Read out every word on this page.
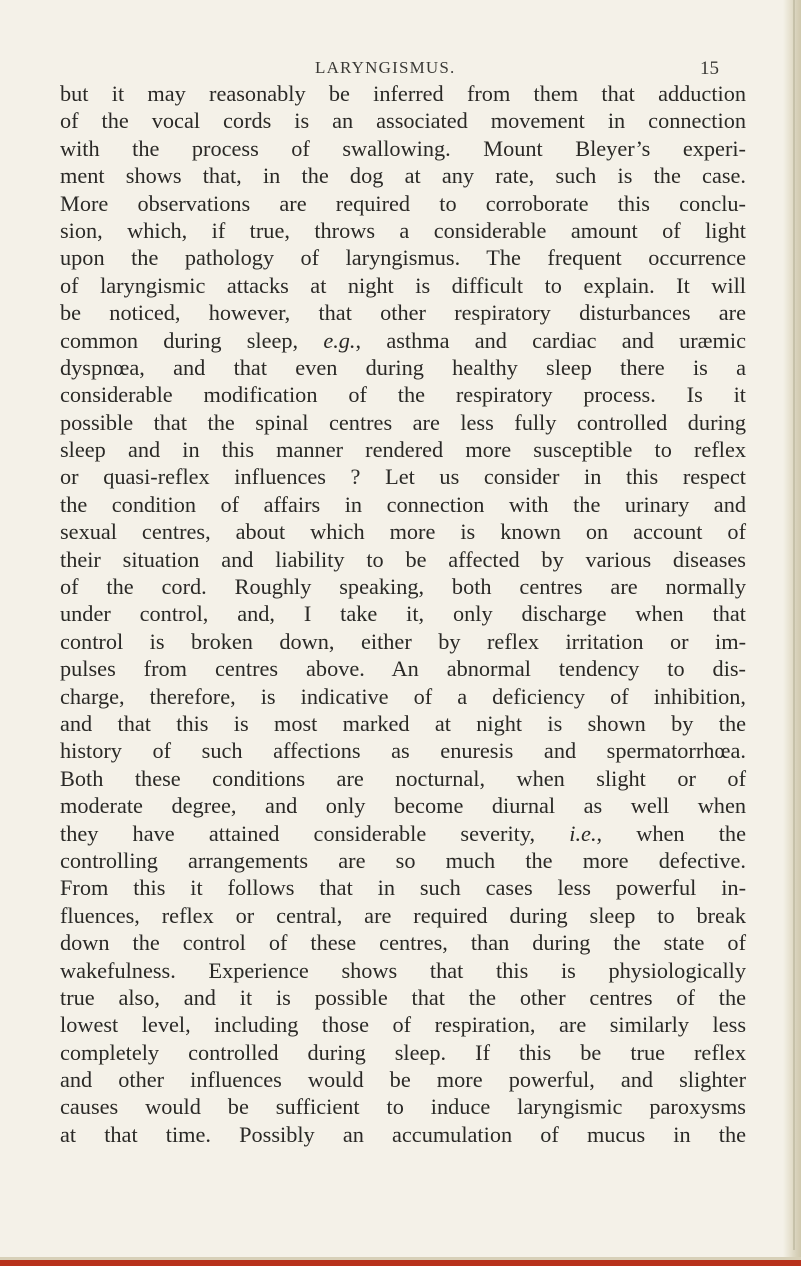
LARYNGISMUS.	15
but it may reasonably be inferred from them that adduction
of the vocal cords is an associated movement in connection
with the process of swallowing. Mount Bleyer’s experi-
ment shows that, in the dog at any rate, such is the case.
More observations are required to corroborate this conclu-
sion, which, if true, throws a considerable amount of light
upon the pathology of laryngismus. The frequent occurrence
of laryngismic attacks at night is difficult to explain. It will
be noticed, however, that other respiratory disturbances are
common during sleep, e.g., asthma and cardiac and uræmic
dyspnœa, and that even during healthy sleep there is a
considerable modification of the respiratory process. Is it
possible that the spinal centres are less fully controlled during
sleep and in this manner rendered more susceptible to reflex
or quasi-reflex influences ? Let us consider in this respect
the condition of affairs in connection with the urinary and
sexual centres, about which more is known on account of
their situation and liability to be affected by various diseases
of the cord. Roughly speaking, both centres are normally
under control, and, I take it, only discharge when that
control is broken down, either by reflex irritation or im-
pulses from centres above. An abnormal tendency to dis-
charge, therefore, is indicative of a deficiency of inhibition,
and that this is most marked at night is shown by the
history of such affections as enuresis and spermatorrhœa.
Both these conditions are nocturnal, when slight or of
moderate degree, and only become diurnal as well when
they have attained considerable severity, i.e., when the
controlling arrangements are so much the more defective.
From this it follows that in such cases less powerful in-
fluences, reflex or central, are required during sleep to break
down the control of these centres, than during the state of
wakefulness. Experience shows that this is physiologically
true also, and it is possible that the other centres of the
lowest level, including those of respiration, are similarly less
completely controlled during sleep. If this be true reflex
and other influences would be more powerful, and slighter
causes would be sufficient to induce laryngismic paroxysms
at that time. Possibly an accumulation of mucus in the
